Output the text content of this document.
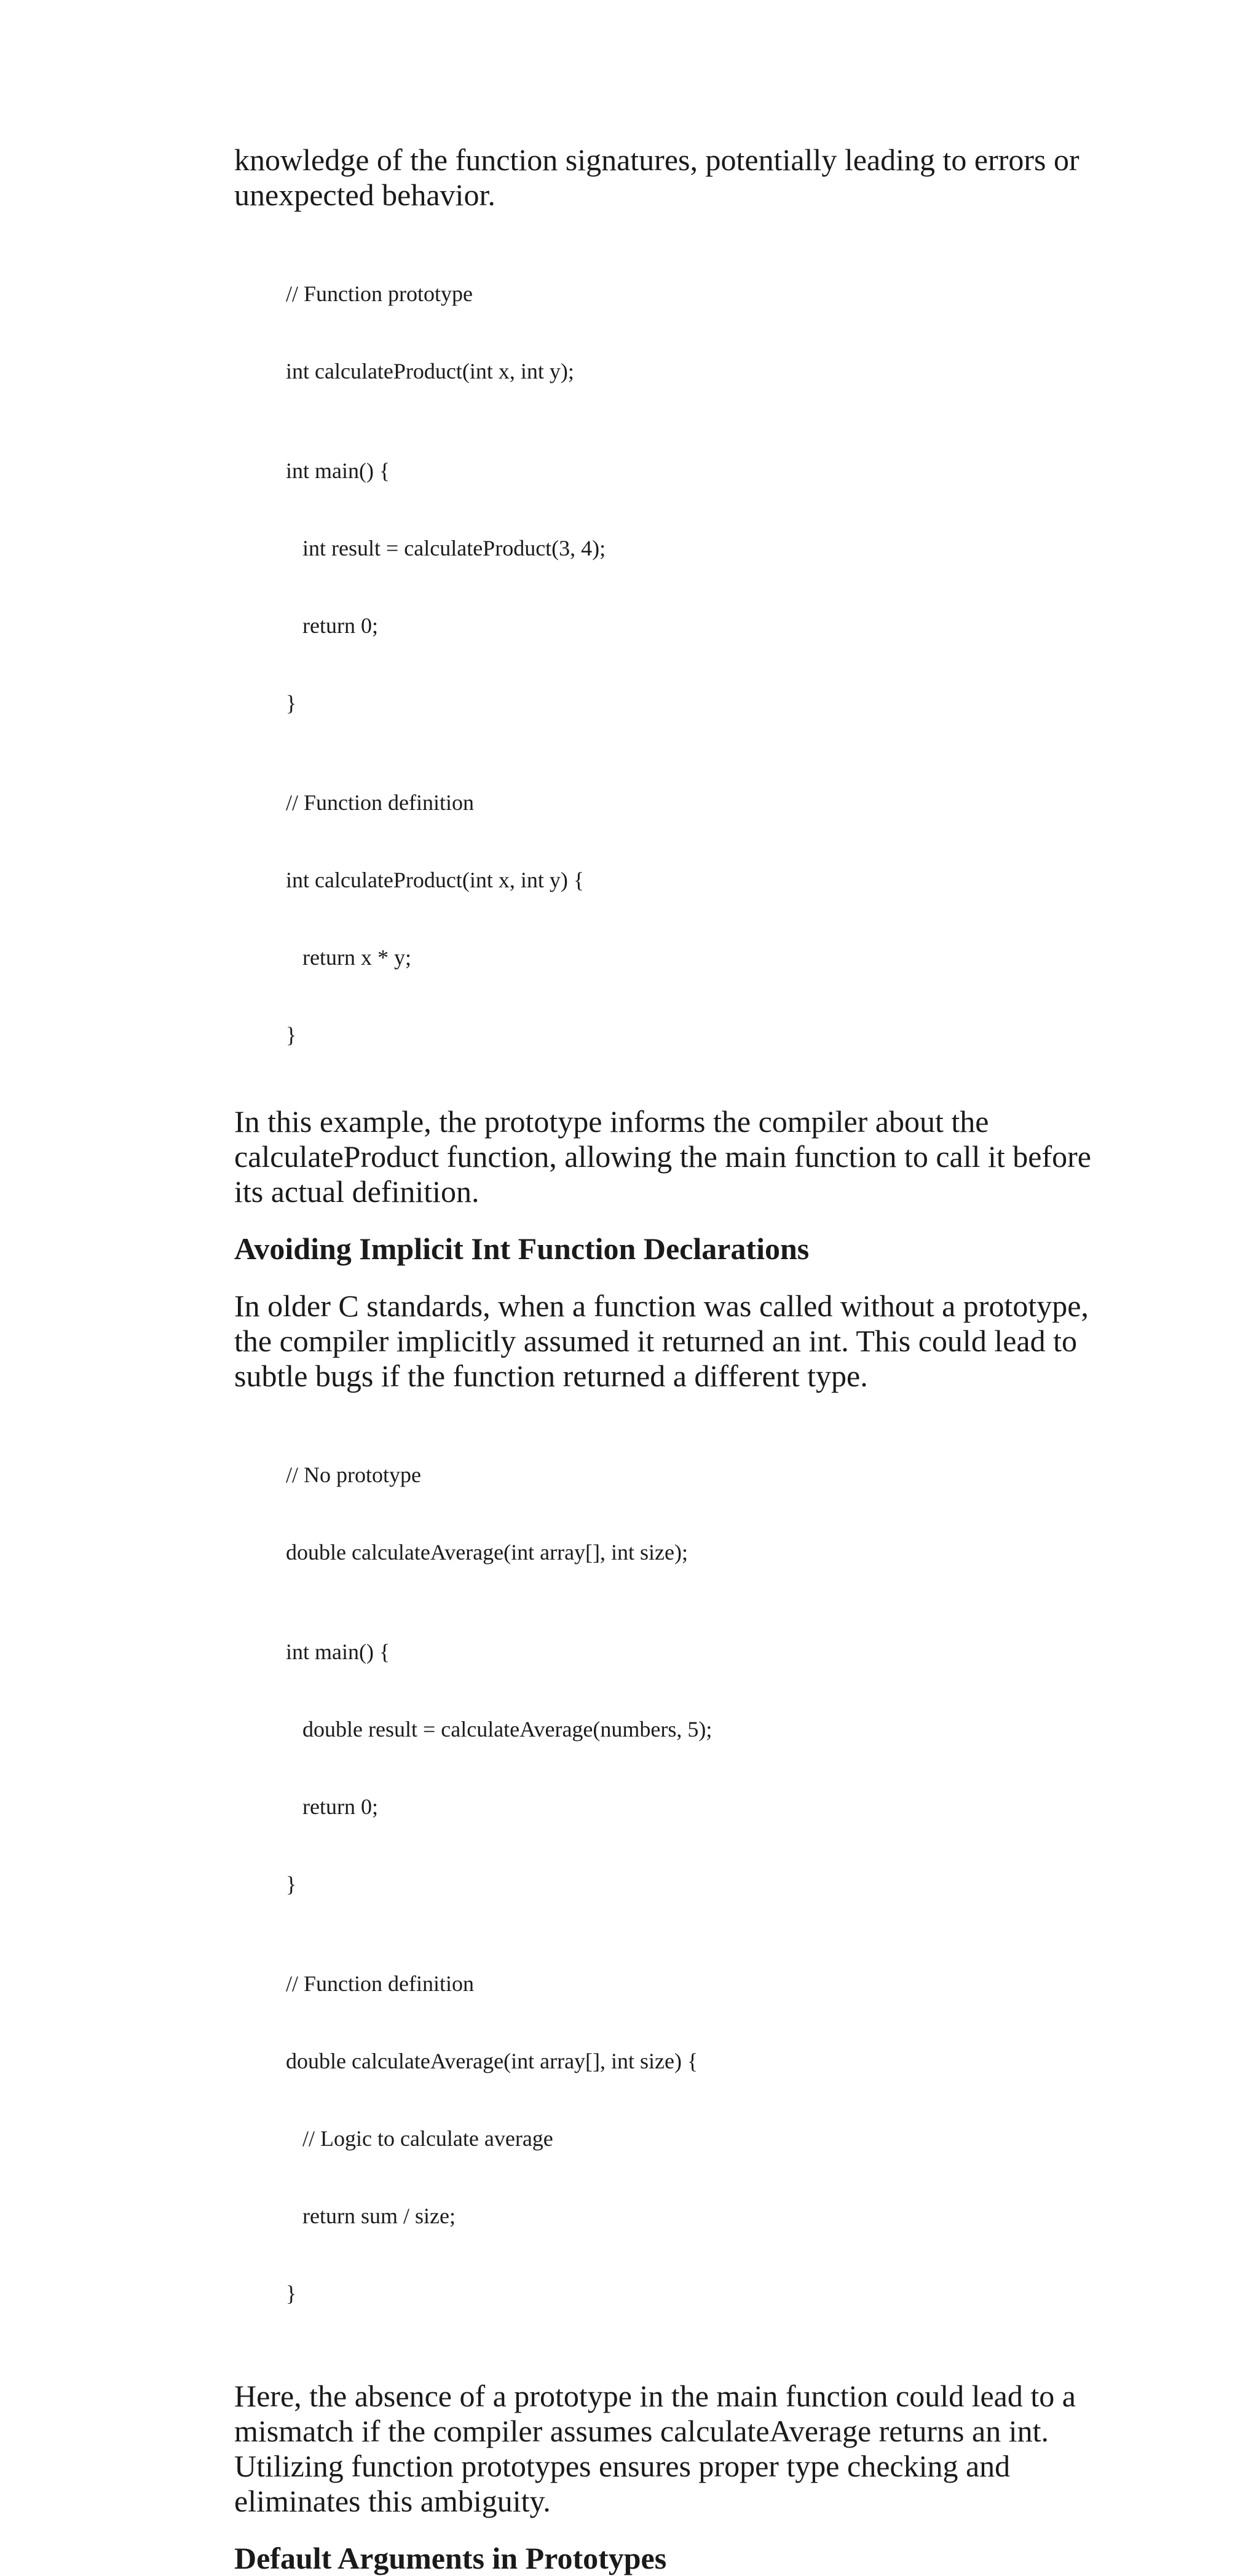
knowledge of the function signatures, potentially leading to errors or unexpected behavior.

// Function prototype

int calculateProduct(int x, int y);

int main() {

int result = calculateProduct(3, 4);

return 0;

}

// Function definition

int calculateProduct(int x, int y) {

return x * y;

}

In this example, the prototype informs the compiler about the calculateProduct function, allowing the main function to call it before its actual definition.

Avoiding Implicit Int Function Declarations

In older C standards, when a function was called without a prototype, the compiler implicitly assumed it returned an int. This could lead to subtle bugs if the function returned a different type.

// No prototype

double calculateAverage(int array[], int size);

int main() {

double result = calculateAverage(numbers, 5);

return 0;

}

// Function definition

double calculateAverage(int array[], int size) {

// Logic to calculate average

return sum / size;

}

Here, the absence of a prototype in the main function could lead to a mismatch if the compiler assumes calculateAverage returns an int. Utilizing function prototypes ensures proper type checking and eliminates this ambiguity.

Default Arguments in Prototypes
